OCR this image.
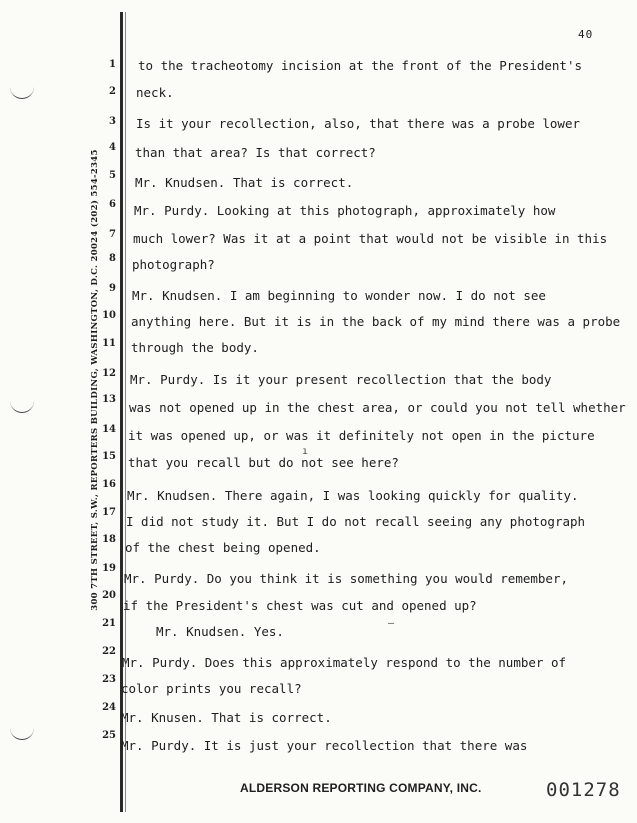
40
300 7TH STREET, S.W., REPORTERS BUILDING, WASHINGTON, D.C. 20024 (202) 554-2345
1 to the tracheotomy incision at the front of the President's
2 neck.
3 Is it your recollection, also, that there was a probe lower
4 than that area? Is that correct?
5 Mr. Knudsen. That is correct.
6 Mr. Purdy. Looking at this photograph, approximately how
7 much lower? Was it at a point that would not be visible in this
8 photograph?
9 Mr. Knudsen. I am beginning to wonder now. I do not see
10 anything here. But it is in the back of my mind there was a probe
11 through the body.
12 Mr. Purdy. Is it your present recollection that the body
13
was not opened up in the chest area, or could you not tell whether
14 it was opened up, or was it definitely not open in the picture
15 that you recall but do not see here?
16
Mr. Knudsen. There again, I was looking quickly for quality.
17
I did not study it. But I do not recall seeing any photograph
18
of the chest being opened.
19
Mr. Purdy. Do you think it is something you would remember,
20
if the President's chest was cut and opened up?
21
Mr. Knudsen. Yes.
22
Mr. Purdy. Does this approximately respond to the number of
23
color prints you recall?
24
Mr. Knusen. That is correct.
25
Mr. Purdy. It is just your recollection that there was
ı
—
ALDERSON REPORTING COMPANY, INC.	001278
